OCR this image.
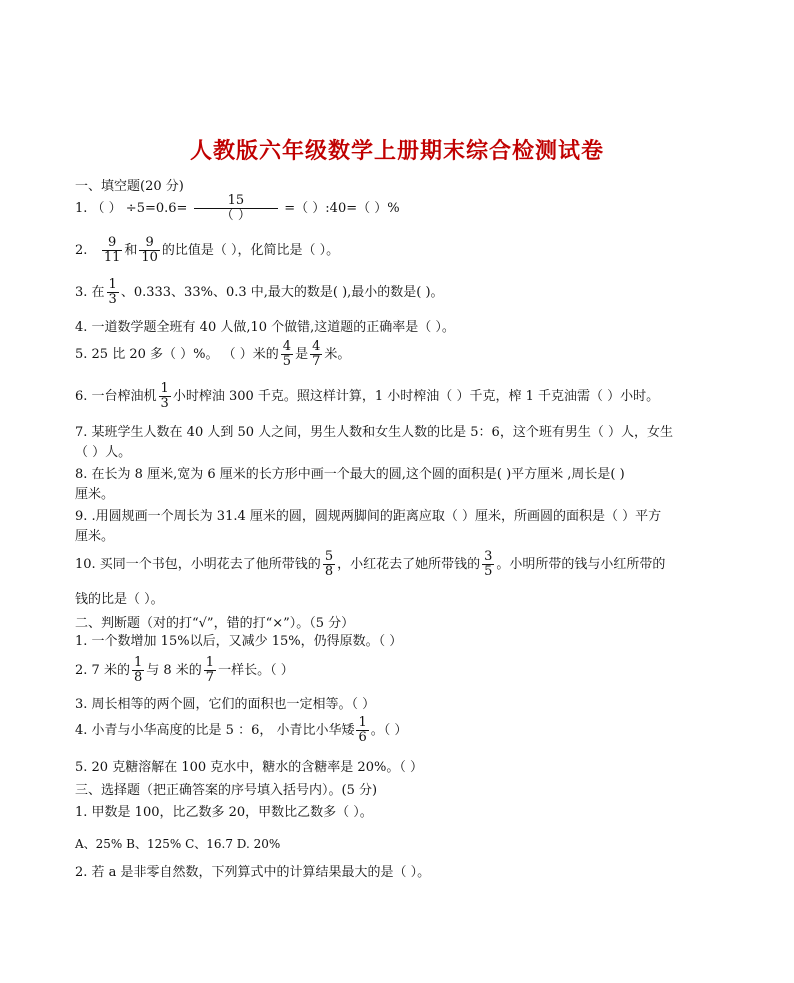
人教版六年级数学上册期末综合检测试卷
一、填空题(20 分)
1. （ ） $\div 5=0.6= \frac{15}{( )}$ =（ ）:40=（ ）%
2. $\frac{9}{11}$ 和 $\frac{9}{10}$ 的比值是（ ），化简比是（ ）。
3. 在 $\frac{1}{3}$ 、0.333、33%、0.3 中,最大的数是( ),最小的数是( )。
4. 一道数学题全班有 40 人做,10 个做错,这道题的正确率是（ ）。
5. 25 比 20 多（ ）%。 （ ）米的 $\frac{4}{5}$ 是 $\frac{4}{7}$ 米。
6. 一台榨油机 $\frac{1}{3}$ 小时榨油 300 千克。照这样计算，1 小时榨油（ ）千克，榨 1 千克油需（ ）小时。
7. 某班学生人数在 40 人到 50 人之间，男生人数和女生人数的比是 5：6，这个班有男生（ ）人，女生
（ ）人。
8. 在长为 8 厘米,宽为 6 厘米的长方形中画一个最大的圆,这个圆的面积是( )平方厘米 ,周长是( )
厘米。
9. .用圆规画一个周长为 31.4 厘米的圆，圆规两脚间的距离应取（ ）厘米，所画圆的面积是（ ）平方
厘米。
10. 买同一个书包，小明花去了他所带钱的 $\frac{5}{8}$ ，小红花去了她所带钱的 $\frac{3}{5}$ 。小明所带的钱与小红所带的
钱的比是（ ）。
二、判断题（对的打“√”，错的打“×”）。（5 分）
1. 一个数增加 15%以后，又减少 15%，仍得原数。（ ）
2. 7 米的 $\frac{1}{8}$ 与 8 米的 $\frac{1}{7}$ 一样长。（ ）
3. 周长相等的两个圆，它们的面积也一定相等。（ ）
4. 小青与小华高度的比是 5 ：6， 小青比小华矮 $\frac{1}{6}$ 。（ ）
5. 20 克糖溶解在 100 克水中，糖水的含糖率是 20%。（ ）
三、选择题（把正确答案的序号填入括号内）。(5 分)
1. 甲数是 100，比乙数多 20，甲数比乙数多（ ）。
A、25% B、125% C、16.7 D. 20%
2. 若 a 是非零自然数，下列算式中的计算结果最大的是（ ）。
